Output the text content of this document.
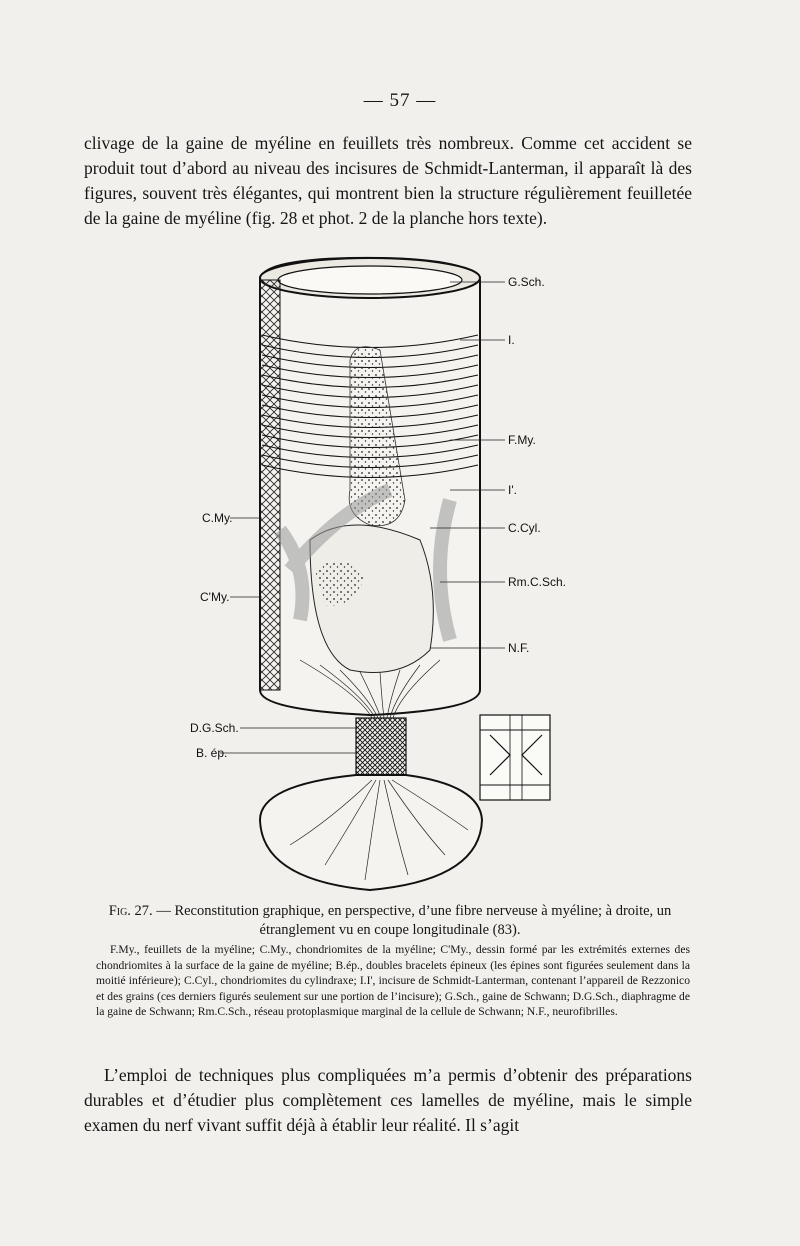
— 57 —

clivage de la gaine de myéline en feuillets très nombreux. Comme cet accident se produit tout d’abord au niveau des incisures de Schmidt-Lanterman, il apparaît là des figures, souvent très élégantes, qui montrent bien la structure régulièrement feuilletée de la gaine de myéline (fig. 28 et phot. 2 de la planche hors texte).

G.Sch.
I.
F.My.
I'.
C.Cyl.
Rm.C.Sch.
N.F.
C.My.
C'My.
D.G.Sch.
B. ép.

Fig. 27. — Reconstitution graphique, en perspective, d’une fibre nerveuse à myéline; à droite, un étranglement vu en coupe longitudinale (83).

F.My., feuillets de la myéline; C.My., chondriomites de la myéline; C'My., dessin formé par les extrémités externes des chondriomites à la surface de la gaine de myéline; B.ép., doubles bracelets épineux (les épines sont figurées seulement dans la moitié inférieure); C.Cyl., chondriomites du cylindraxe; I.I', incisure de Schmidt-Lanterman, contenant l’appareil de Rezzonico et des grains (ces derniers figurés seulement sur une portion de l’incisure); G.Sch., gaine de Schwann; D.G.Sch., diaphragme de la gaine de Schwann; Rm.C.Sch., réseau protoplasmique marginal de la cellule de Schwann; N.F., neurofibrilles.

L’emploi de techniques plus compliquées m’a permis d’obtenir des préparations durables et d’étudier plus complètement ces lamelles de myéline, mais le simple examen du nerf vivant suffit déjà à établir leur réalité. Il s’agit
